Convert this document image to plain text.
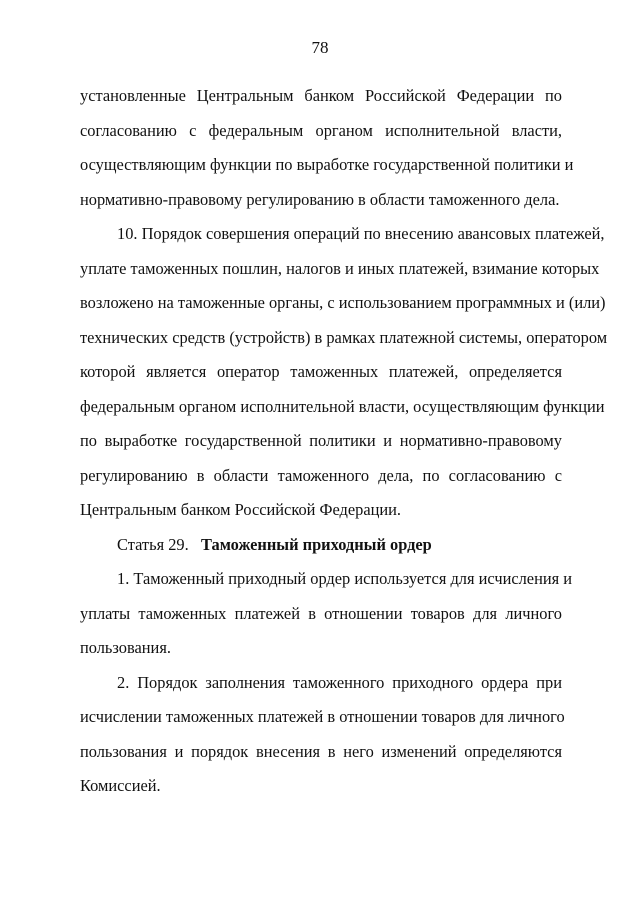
78

установленные Центральным банком Российской Федерации по
согласованию с федеральным органом исполнительной власти,
осуществляющим функции по выработке государственной политики и
нормативно-правовому регулированию в области таможенного дела.

10. Порядок совершения операций по внесению авансовых платежей,
уплате таможенных пошлин, налогов и иных платежей, взимание которых
возложено на таможенные органы, с использованием программных и (или)
технических средств (устройств) в рамках платежной системы, оператором
которой является оператор таможенных платежей, определяется
федеральным органом исполнительной власти, осуществляющим функции
по выработке государственной политики и нормативно-правовому
регулированию в области таможенного дела, по согласованию с
Центральным банком Российской Федерации.

Статья 29. Таможенный приходный ордер

1. Таможенный приходный ордер используется для исчисления и
уплаты таможенных платежей в отношении товаров для личного
пользования.

2. Порядок заполнения таможенного приходного ордера при
исчислении таможенных платежей в отношении товаров для личного
пользования и порядок внесения в него изменений определяются
Комиссией.
